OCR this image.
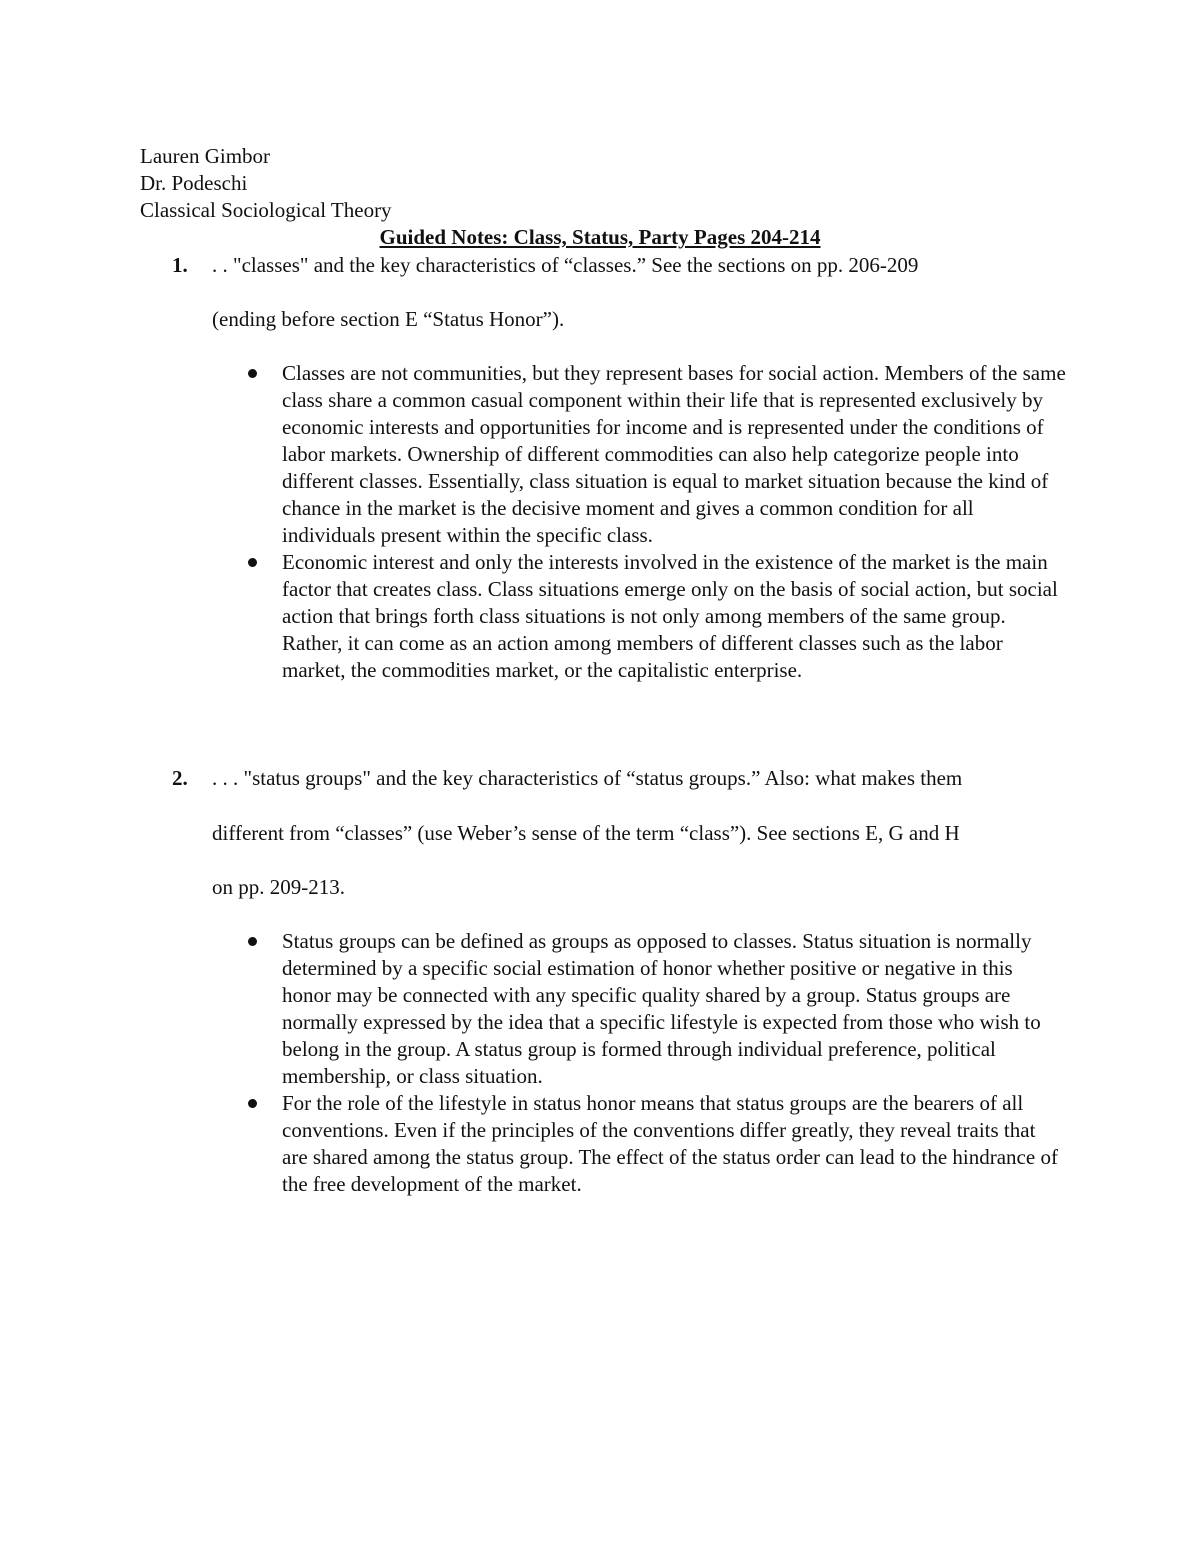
Lauren Gimbor
Dr. Podeschi
Classical Sociological Theory
Guided Notes: Class, Status, Party Pages 204-214
1. . . "classes" and the key characteristics of “classes.” See the sections on pp. 206-209
(ending before section E “Status Honor”).
Classes are not communities, but they represent bases for social action. Members of the same class share a common casual component within their life that is represented exclusively by economic interests and opportunities for income and is represented under the conditions of labor markets. Ownership of different commodities can also help categorize people into different classes. Essentially, class situation is equal to market situation because the kind of chance in the market is the decisive moment and gives a common condition for all individuals present within the specific class.
Economic interest and only the interests involved in the existence of the market is the main factor that creates class. Class situations emerge only on the basis of social action, but social action that brings forth class situations is not only among members of the same group. Rather, it can come as an action among members of different classes such as the labor market, the commodities market, or the capitalistic enterprise.
2. . . . "status groups" and the key characteristics of “status groups.” Also: what makes them
different from “classes” (use Weber’s sense of the term “class”). See sections E, G and H
on pp. 209-213.
Status groups can be defined as groups as opposed to classes. Status situation is normally determined by a specific social estimation of honor whether positive or negative in this honor may be connected with any specific quality shared by a group. Status groups are normally expressed by the idea that a specific lifestyle is expected from those who wish to belong in the group. A status group is formed through individual preference, political membership, or class situation.
For the role of the lifestyle in status honor means that status groups are the bearers of all conventions. Even if the principles of the conventions differ greatly, they reveal traits that are shared among the status group. The effect of the status order can lead to the hindrance of the free development of the market.
